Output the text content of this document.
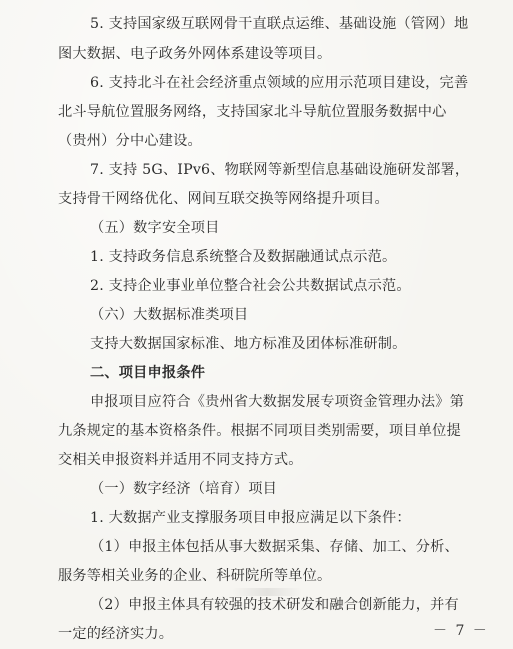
5. 支持国家级互联网骨干直联点运维、基础设施（管网）地
图大数据、电子政务外网体系建设等项目。
6. 支持北斗在社会经济重点领域的应用示范项目建设，完善
北斗导航位置服务网络，支持国家北斗导航位置服务数据中心
（贵州）分中心建设。
7. 支持 5G、IPv6、物联网等新型信息基础设施研发部署，
支持骨干网络优化、网间互联交换等网络提升项目。
（五）数字安全项目
1. 支持政务信息系统整合及数据融通试点示范。
2. 支持企业事业单位整合社会公共数据试点示范。
（六）大数据标准类项目
支持大数据国家标准、地方标准及团体标准研制。
二、项目申报条件
申报项目应符合《贵州省大数据发展专项资金管理办法》第
九条规定的基本资格条件。根据不同项目类别需要，项目单位提
交相关申报资料并适用不同支持方式。
（一）数字经济（培育）项目
1. 大数据产业支撑服务项目申报应满足以下条件：
（1）申报主体包括从事大数据采集、存储、加工、分析、
服务等相关业务的企业、科研院所等单位。
（2）申报主体具有较强的技术研发和融合创新能力，并有
一定的经济实力。	－ 7 －
